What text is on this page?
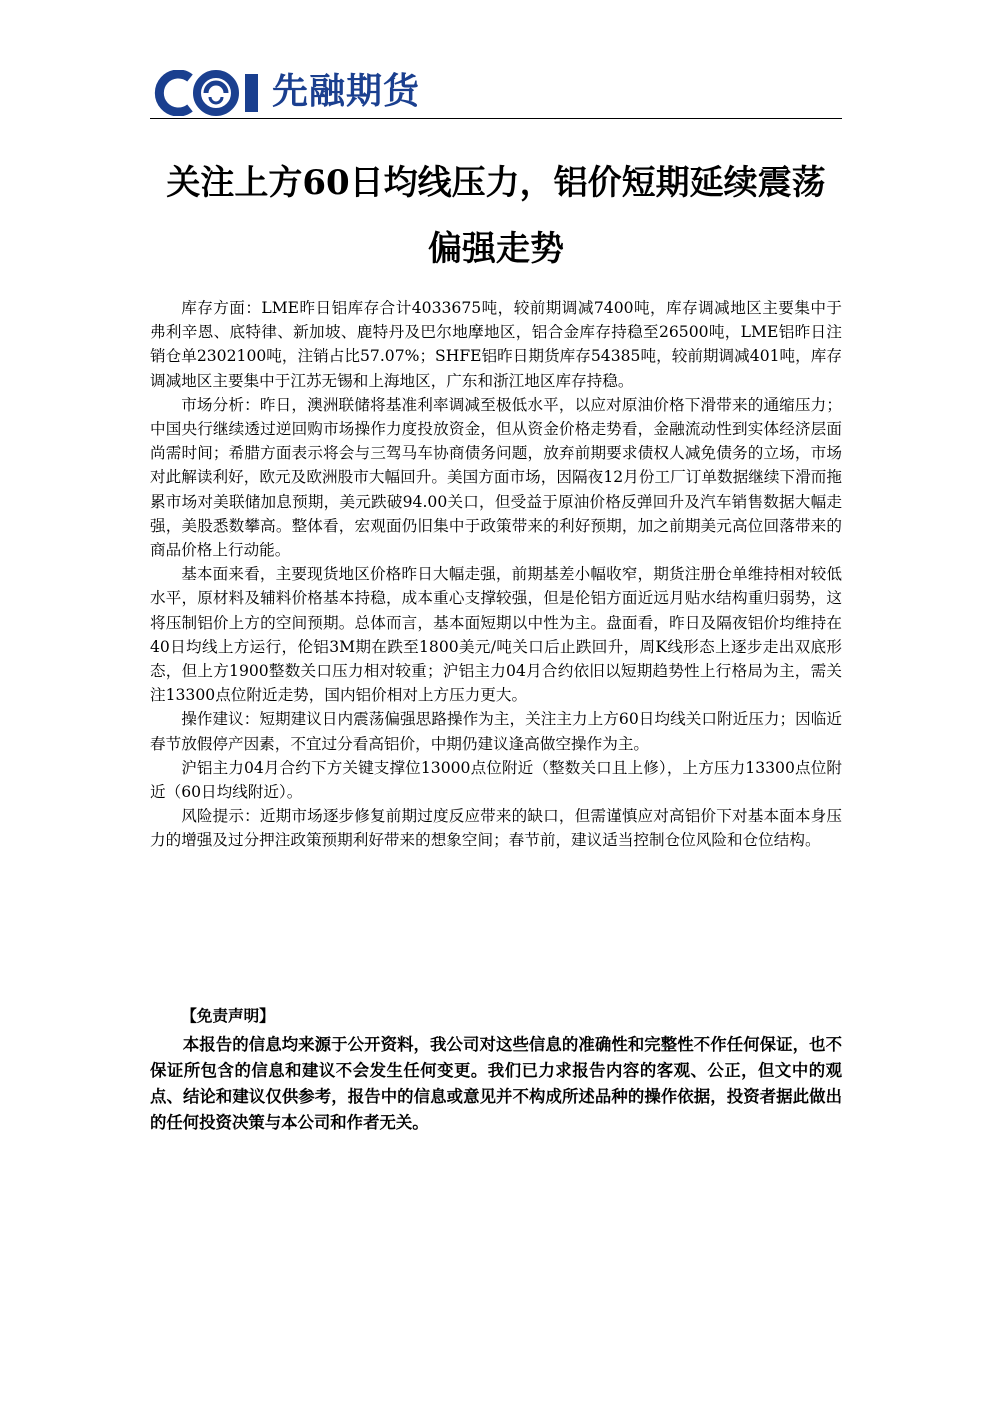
先融期货
关注上方60日均线压力，铝价短期延续震荡偏强走势

库存方面：LME昨日铝库存合计4033675吨，较前期调减7400吨，库存调减地区主要集中于弗利辛恩、底特律、新加坡、鹿特丹及巴尔地摩地区，铝合金库存持稳至26500吨，LME铝昨日注销仓单2302100吨，注销占比57.07%；SHFE铝昨日期货库存54385吨，较前期调减401吨，库存调减地区主要集中于江苏无锡和上海地区，广东和浙江地区库存持稳。

市场分析：昨日，澳洲联储将基准利率调减至极低水平，以应对原油价格下滑带来的通缩压力；中国央行继续透过逆回购市场操作力度投放资金，但从资金价格走势看，金融流动性到实体经济层面尚需时间；希腊方面表示将会与三驾马车协商债务问题，放弃前期要求债权人减免债务的立场，市场对此解读利好，欧元及欧洲股市大幅回升。美国方面市场，因隔夜12月份工厂订单数据继续下滑而拖累市场对美联储加息预期，美元跌破94.00关口，但受益于原油价格反弹回升及汽车销售数据大幅走强，美股悉数攀高。整体看，宏观面仍旧集中于政策带来的利好预期，加之前期美元高位回落带来的商品价格上行动能。

基本面来看，主要现货地区价格昨日大幅走强，前期基差小幅收窄，期货注册仓单维持相对较低水平，原材料及辅料价格基本持稳，成本重心支撑较强，但是伦铝方面近远月贴水结构重归弱势，这将压制铝价上方的空间预期。总体而言，基本面短期以中性为主。盘面看，昨日及隔夜铝价均维持在40日均线上方运行，伦铝3M期在跌至1800美元/吨关口后止跌回升，周K线形态上逐步走出双底形态，但上方1900整数关口压力相对较重；沪铝主力04月合约依旧以短期趋势性上行格局为主，需关注13300点位附近走势，国内铝价相对上方压力更大。

操作建议：短期建议日内震荡偏强思路操作为主，关注主力上方60日均线关口附近压力；因临近春节放假停产因素，不宜过分看高铝价，中期仍建议逢高做空操作为主。

沪铝主力04月合约下方关键支撑位13000点位附近（整数关口且上修），上方压力13300点位附近（60日均线附近）。

风险提示：近期市场逐步修复前期过度反应带来的缺口，但需谨慎应对高铝价下对基本面本身压力的增强及过分押注政策预期利好带来的想象空间；春节前，建议适当控制仓位风险和仓位结构。

【免责声明】

本报告的信息均来源于公开资料，我公司对这些信息的准确性和完整性不作任何保证，也不保证所包含的信息和建议不会发生任何变更。我们已力求报告内容的客观、公正，但文中的观点、结论和建议仅供参考，报告中的信息或意见并不构成所述品种的操作依据，投资者据此做出的任何投资决策与本公司和作者无关。
